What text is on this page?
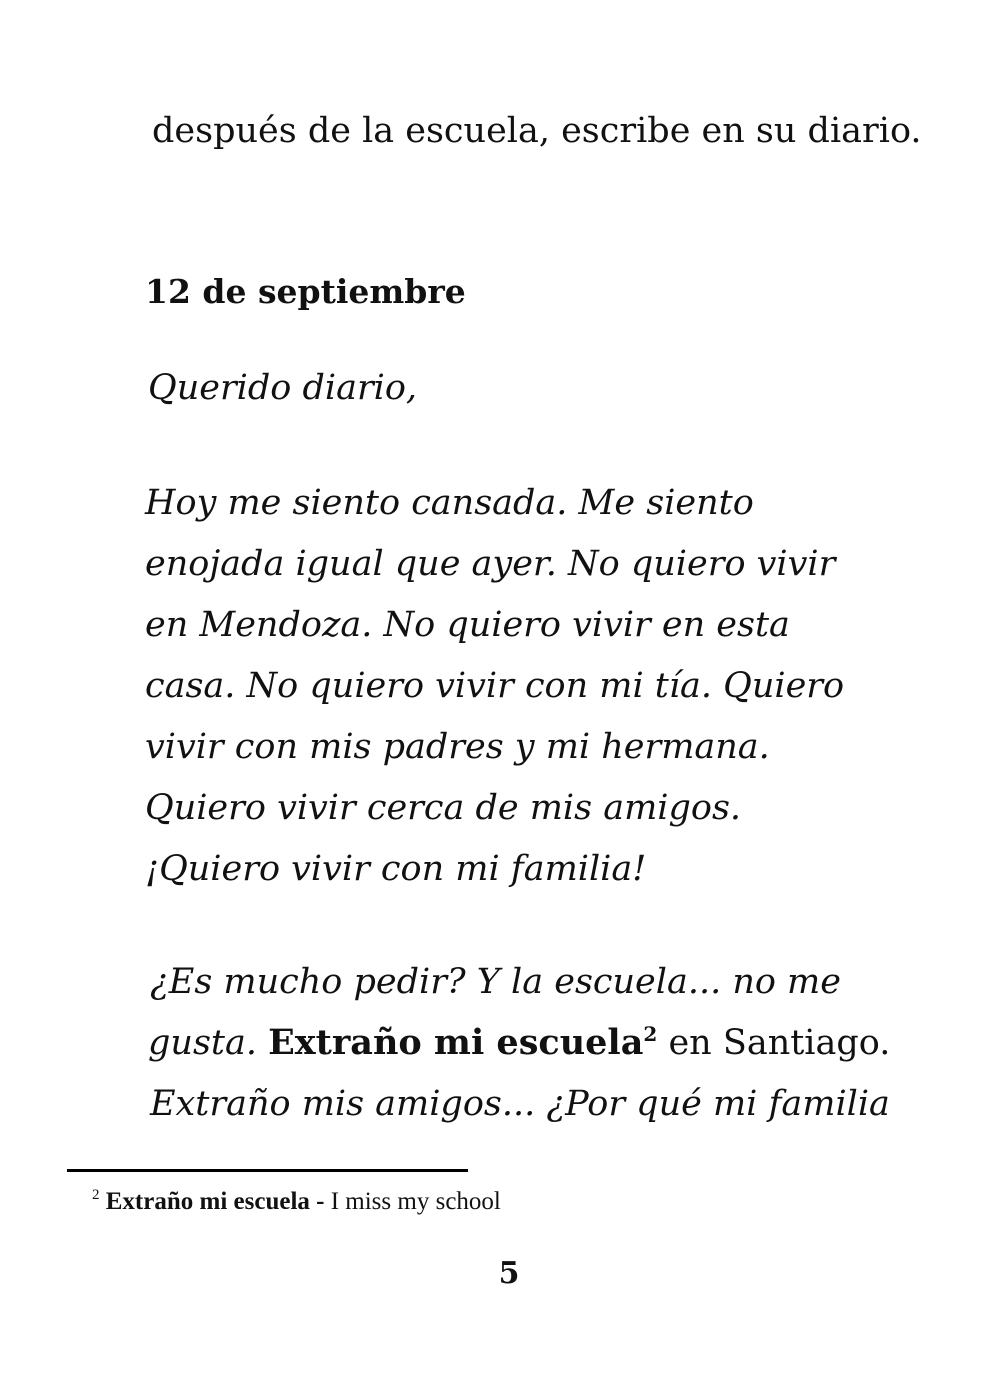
después de la escuela, escribe en su diario.

12 de septiembre

Querido diario,

Hoy me siento cansada. Me siento

enojada igual que ayer. No quiero vivir

en Mendoza. No quiero vivir en esta

casa. No quiero vivir con mi tía. Quiero

vivir con mis padres y mi hermana.

Quiero vivir cerca de mis amigos.

¡Quiero vivir con mi familia!

¿Es mucho pedir? Y la escuela... no me

gusta. Extraño mi escuela$^2$ en Santiago.

Extraño mis amigos... ¿Por qué mi familia

$^2$ Extraño mi escuela - I miss my school

5
